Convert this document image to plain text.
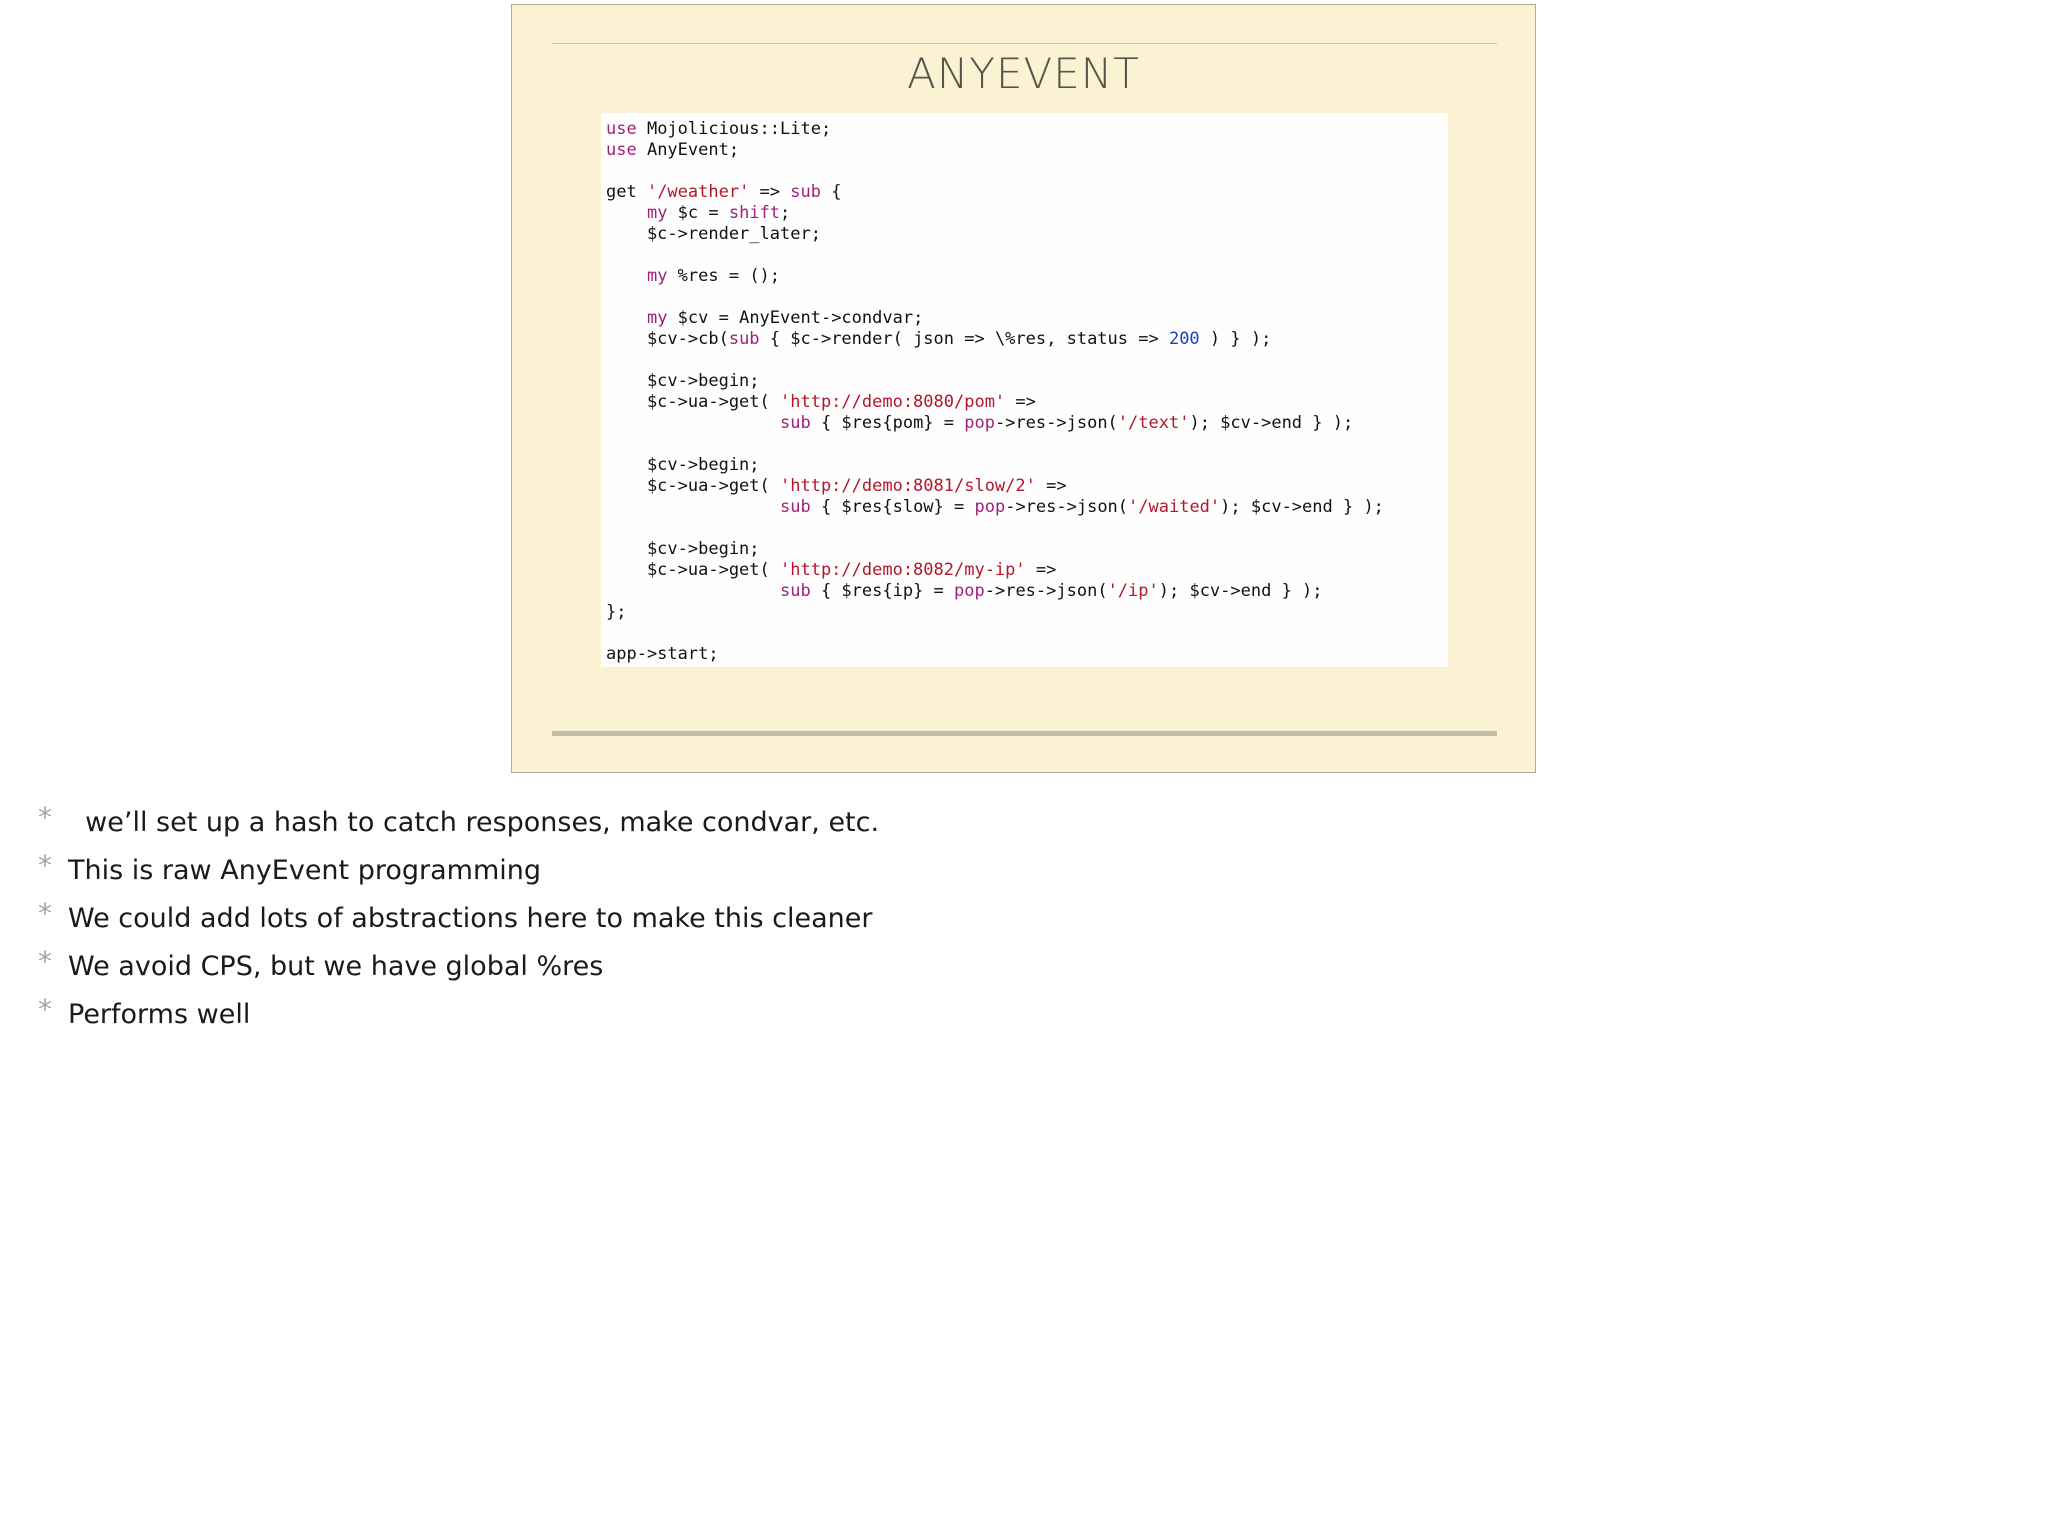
ANYEVENT
use Mojolicious::Lite;
use AnyEvent;

get '/weather' => sub {
my $c = shift;
$c->render_later;

my %res = ();

my $cv = AnyEvent->condvar;
$cv->cb(sub { $c->render( json => \%res, status => 200 ) } );

$cv->begin;
$c->ua->get( 'http://demo:8080/pom' =>
sub { $res{pom} = pop->res->json('/text'); $cv->end } );

$cv->begin;
$c->ua->get( 'http://demo:8081/slow/2' =>
sub { $res{slow} = pop->res->json('/waited'); $cv->end } );

$cv->begin;
$c->ua->get( 'http://demo:8082/my-ip' =>
sub { $res{ip} = pop->res->json('/ip'); $cv->end } );
};

app->start;
* we’ll set up a hash to catch responses, make condvar, etc.
* This is raw AnyEvent programming
* We could add lots of abstractions here to make this cleaner
* We avoid CPS, but we have global %res
* Performs well
